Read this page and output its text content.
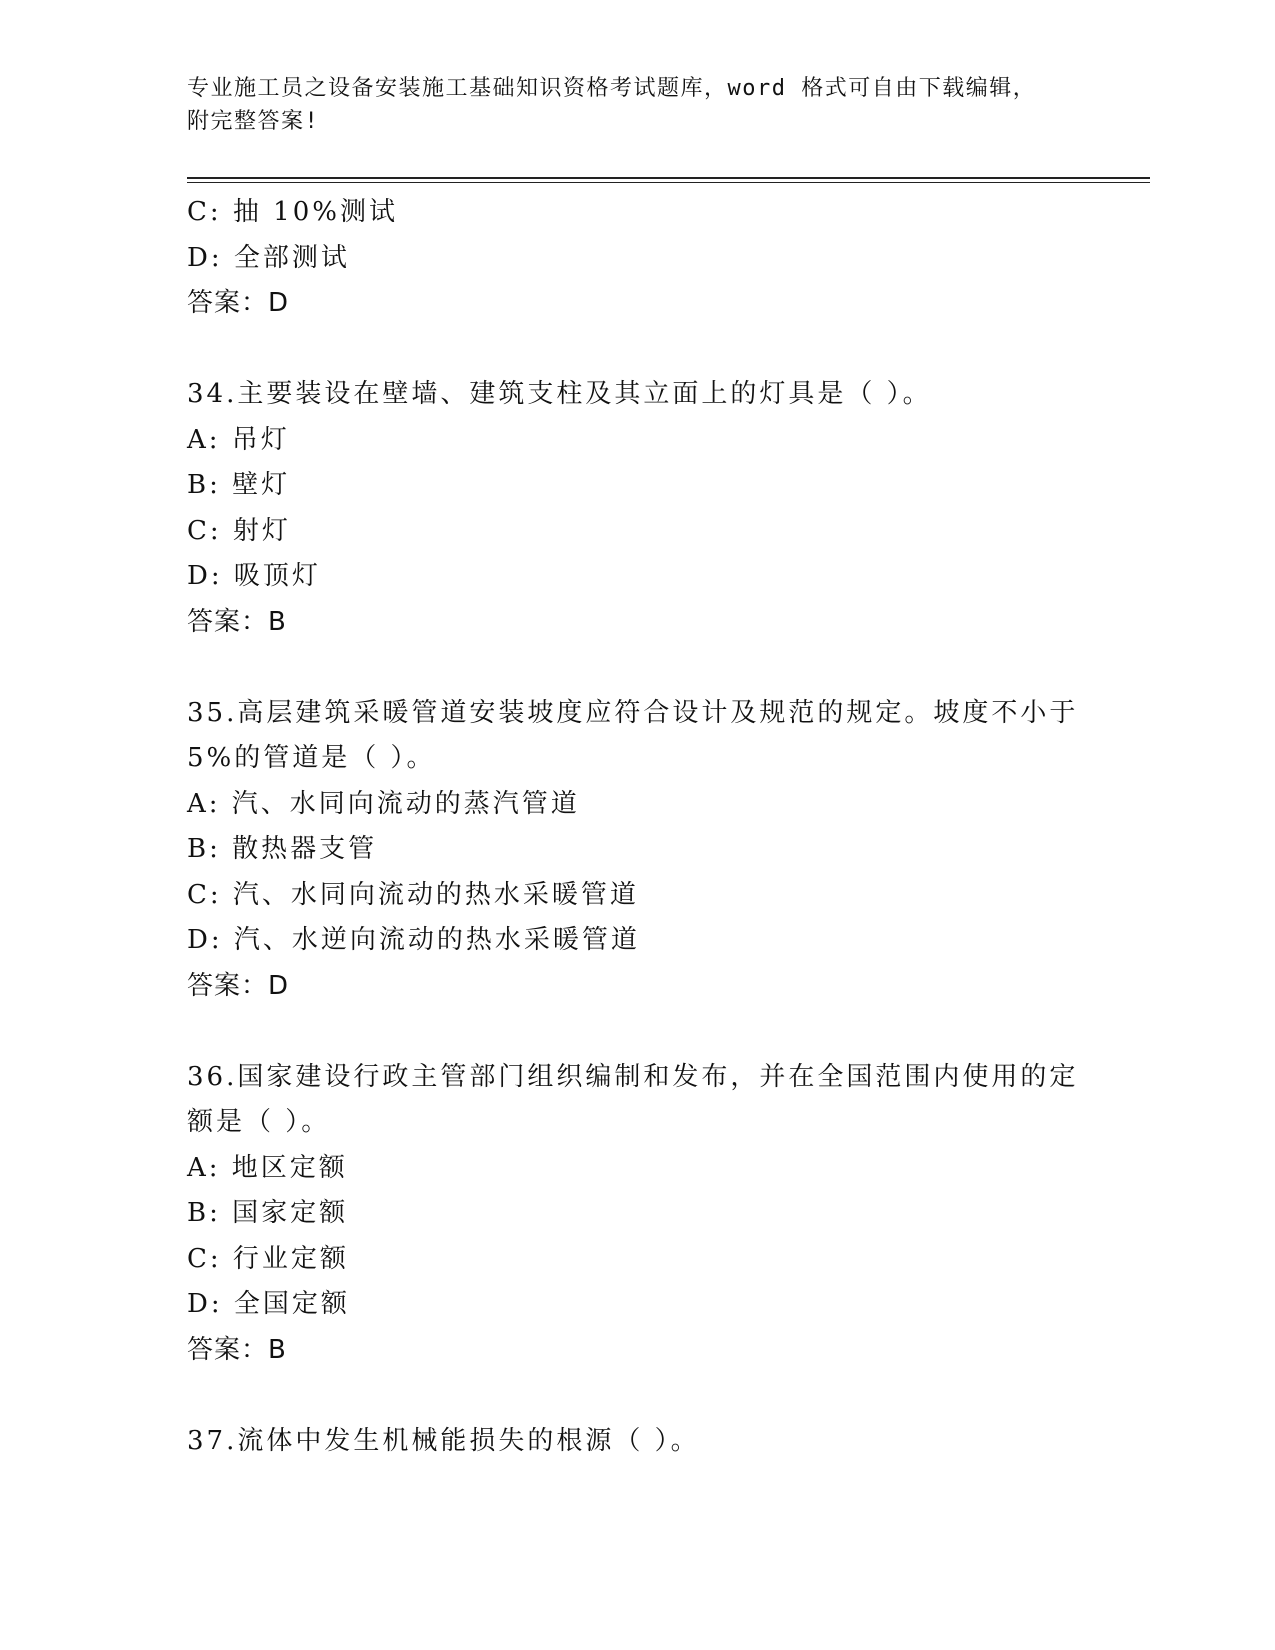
专业施工员之设备安装施工基础知识资格考试题库，word 格式可自由下载编辑，
附完整答案!
C: 抽 10%测试
D: 全部测试
答案：D
34.主要装设在壁墙、建筑支柱及其立面上的灯具是（ ）。
A: 吊灯
B: 壁灯
C: 射灯
D: 吸顶灯
答案：B
35.高层建筑采暖管道安装坡度应符合设计及规范的规定。坡度不小于
5%的管道是（ ）。
A: 汽、水同向流动的蒸汽管道
B: 散热器支管
C: 汽、水同向流动的热水采暖管道
D: 汽、水逆向流动的热水采暖管道
答案：D
36.国家建设行政主管部门组织编制和发布，并在全国范围内使用的定
额是（ ）。
A: 地区定额
B: 国家定额
C: 行业定额
D: 全国定额
答案：B
37.流体中发生机械能损失的根源（ ）。
